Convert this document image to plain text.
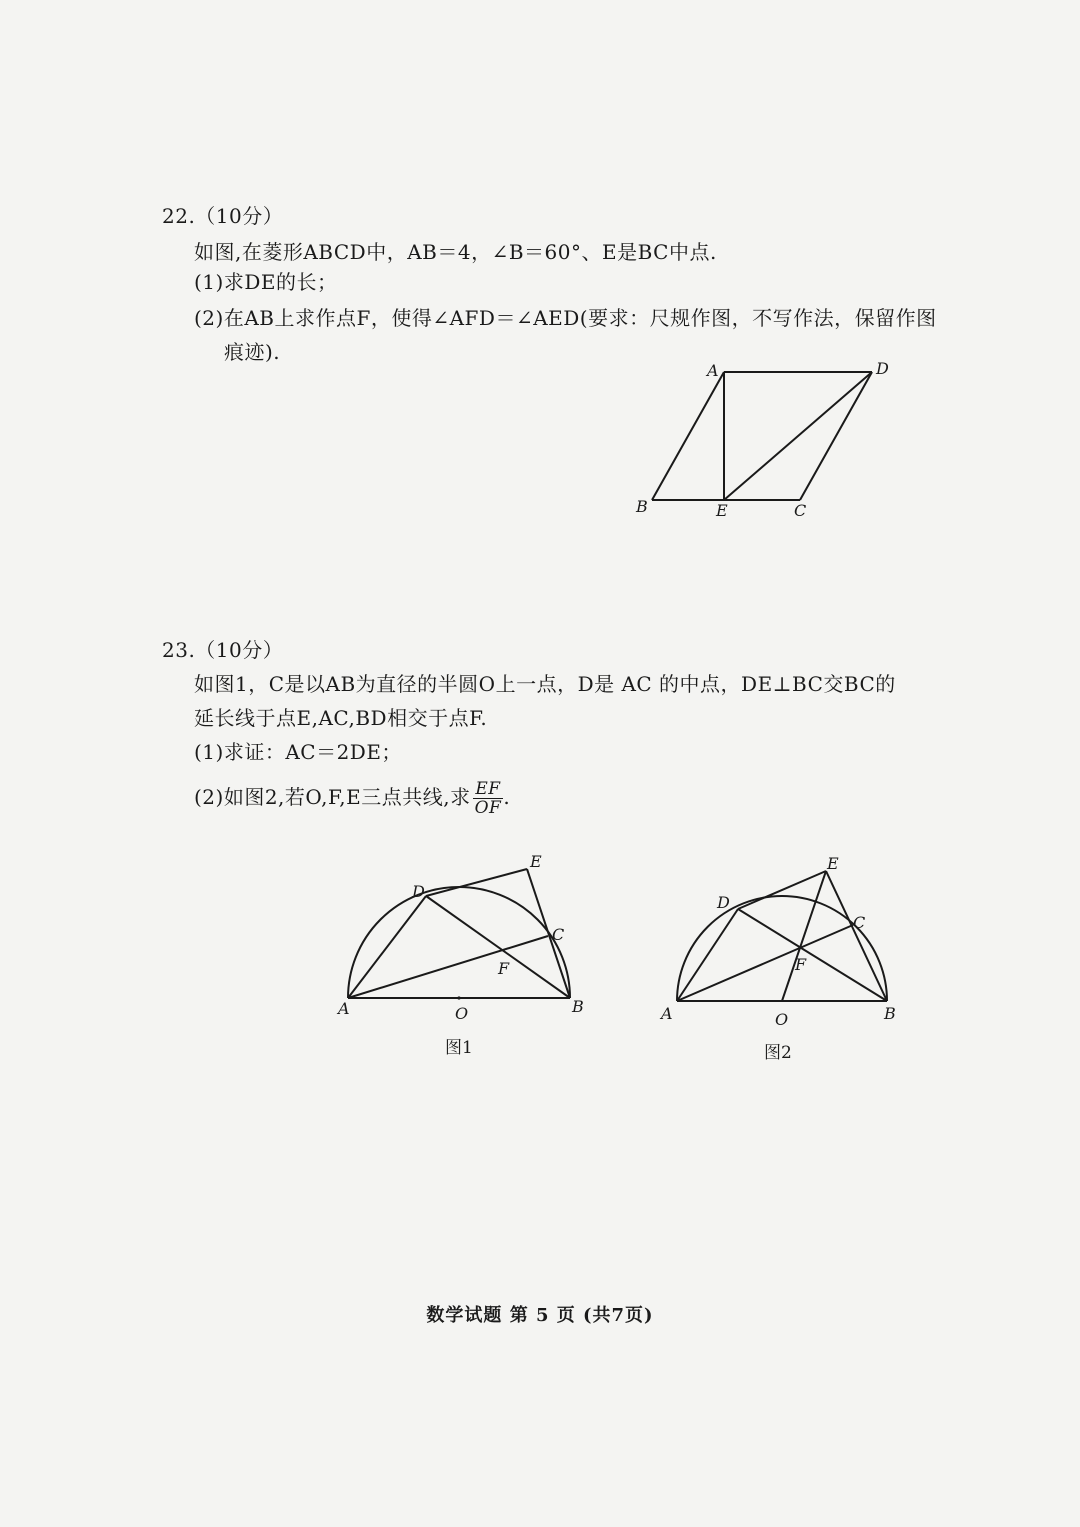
22.（10分）
如图,在菱形ABCD中，AB＝4，∠B＝60°、E是BC中点.
(1)求DE的长；
(2)在AB上求作点F，使得∠AFD＝∠AED(要求：尺规作图，不写作法，保留作图
痕迹).
A	D
B	E	C
23.（10分）
如图1，C是以AB为直径的半圆O上一点，D是 AC 的中点，DE⊥BC交BC的
延长线于点E,AC,BD相交于点F.
(1)求证：AC＝2DE；
(2)如图2,若O,F,E三点共线,求 $\frac{EF}{OF}$ .
A	B
C
D
E
F
O
图1
A	B
C
D
E
F
O
图2
数学试题 第 5 页 (共7页)
